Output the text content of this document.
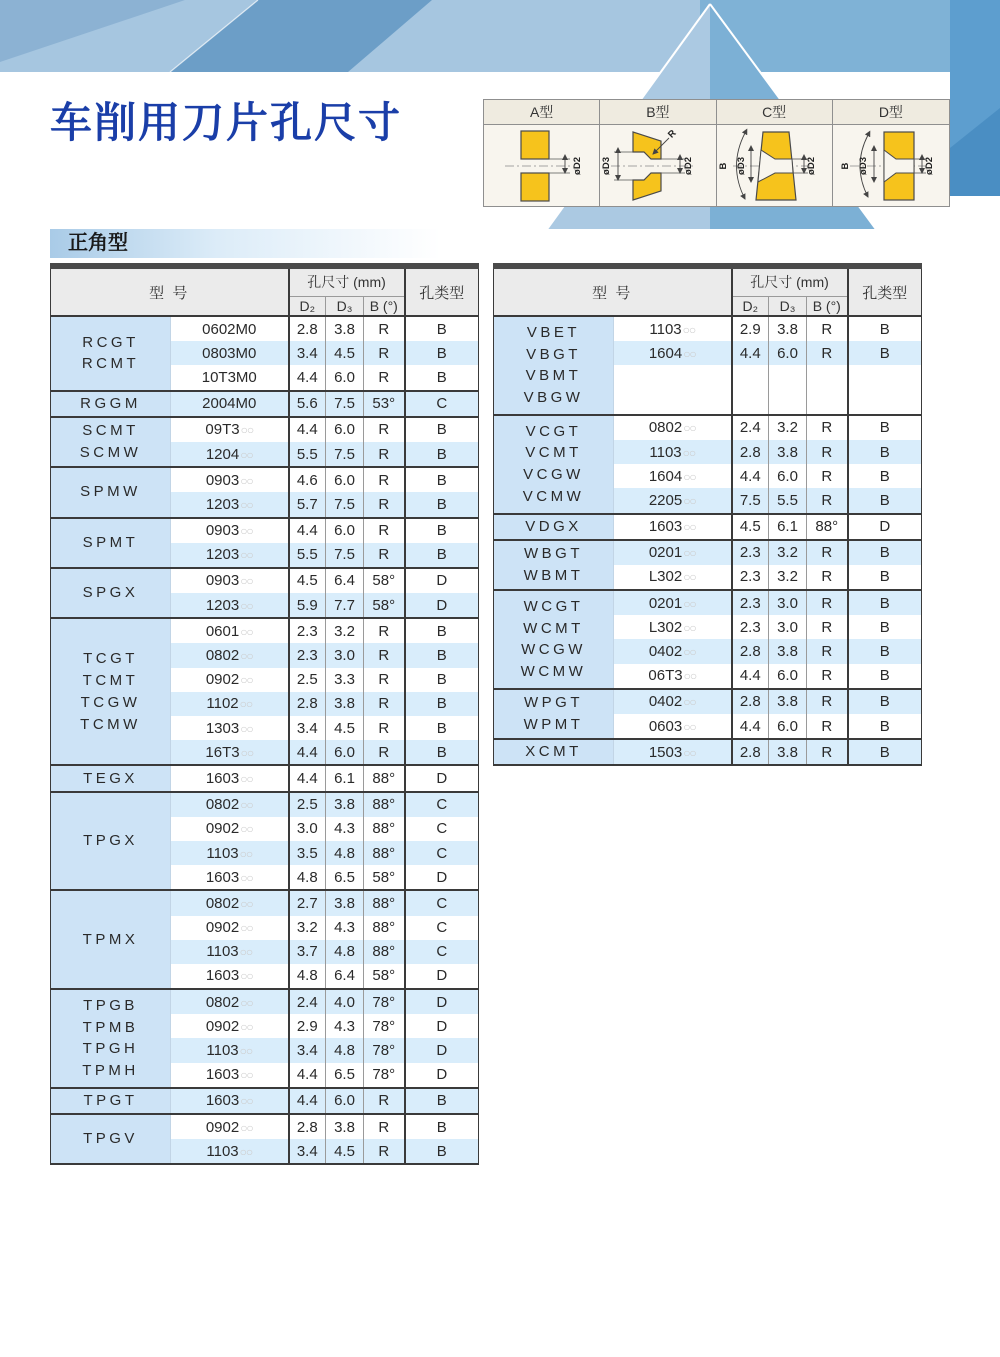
车削用刀片孔尺寸	A型
øD2
B型
øD3	øD2
R
C型
B øD3	øD2
D型
B øD3	øD2
正角型
型 号		孔尺寸 (mm)			孔类型
		D₂	D₃	B (°)	

RCGT
RCMT	0602M0	2.8	3.8	R	B
	0803M0	3.4	4.5	R	B
	10T3M0	4.4	6.0	R	B

RGGM	2004M0	5.6	7.5	53°	C

SCMT
SCMW	09T3○○	4.4	6.0	R	B
	1204○○	5.5	7.5	R	B

SPMW	0903○○	4.6	6.0	R	B
	1203○○	5.7	7.5	R	B

SPMT	0903○○	4.4	6.0	R	B
	1203○○	5.5	7.5	R	B

SPGX	0903○○	4.5	6.4	58°	D
	1203○○	5.9	7.7	58°	D

TCGT
TCMT
TCGW
TCMW	0601○○	2.3	3.2	R	B
	0802○○	2.3	3.0	R	B
	0902○○	2.5	3.3	R	B
	1102○○	2.8	3.8	R	B
	1303○○	3.4	4.5	R	B
	16T3○○	4.4	6.0	R	B

TEGX	1603○○	4.4	6.1	88°	D

TPGX	0802○○	2.5	3.8	88°	C
	0902○○	3.0	4.3	88°	C
	1103○○	3.5	4.8	88°	C
	1603○○	4.8	6.5	58°	D

TPMX	0802○○	2.7	3.8	88°	C
	0902○○	3.2	4.3	88°	C
	1103○○	3.7	4.8	88°	C
	1603○○	4.8	6.4	58°	D

TPGB
TPMB
TPGH
TPMH	0802○○	2.4	4.0	78°	D
	0902○○	2.9	4.3	78°	D
	1103○○	3.4	4.8	78°	D
	1603○○	4.4	6.5	78°	D

TPGT	1603○○	4.4	6.0	R	B

TPGV	0902○○	2.8	3.8	R	B
	1103○○	3.4	4.5	R	B
型 号		孔尺寸 (mm)			孔类型
		D₂	D₃	B (°)	

VBET
VBGT
VBMT
VBGW	1103○○	2.9	3.8	R	B
	1604○○	4.4	6.0	R	B

VCGT
VCMT
VCGW
VCMW	0802○○	2.4	3.2	R	B
	1103○○	2.8	3.8	R	B
	1604○○	4.4	6.0	R	B
	2205○○	7.5	5.5	R	B

VDGX	1603○○	4.5	6.1	88°	D

WBGT
WBMT	0201○○	2.3	3.2	R	B
	L302○○	2.3	3.2	R	B

WCGT
WCMT
WCGW
WCMW	0201○○	2.3	3.0	R	B
	L302○○	2.3	3.0	R	B
	0402○○	2.8	3.8	R	B
	06T3○○	4.4	6.0	R	B

WPGT
WPMT	0402○○	2.8	3.8	R	B
	0603○○	4.4	6.0	R	B

XCMT	1503○○	2.8	3.8	R	B
